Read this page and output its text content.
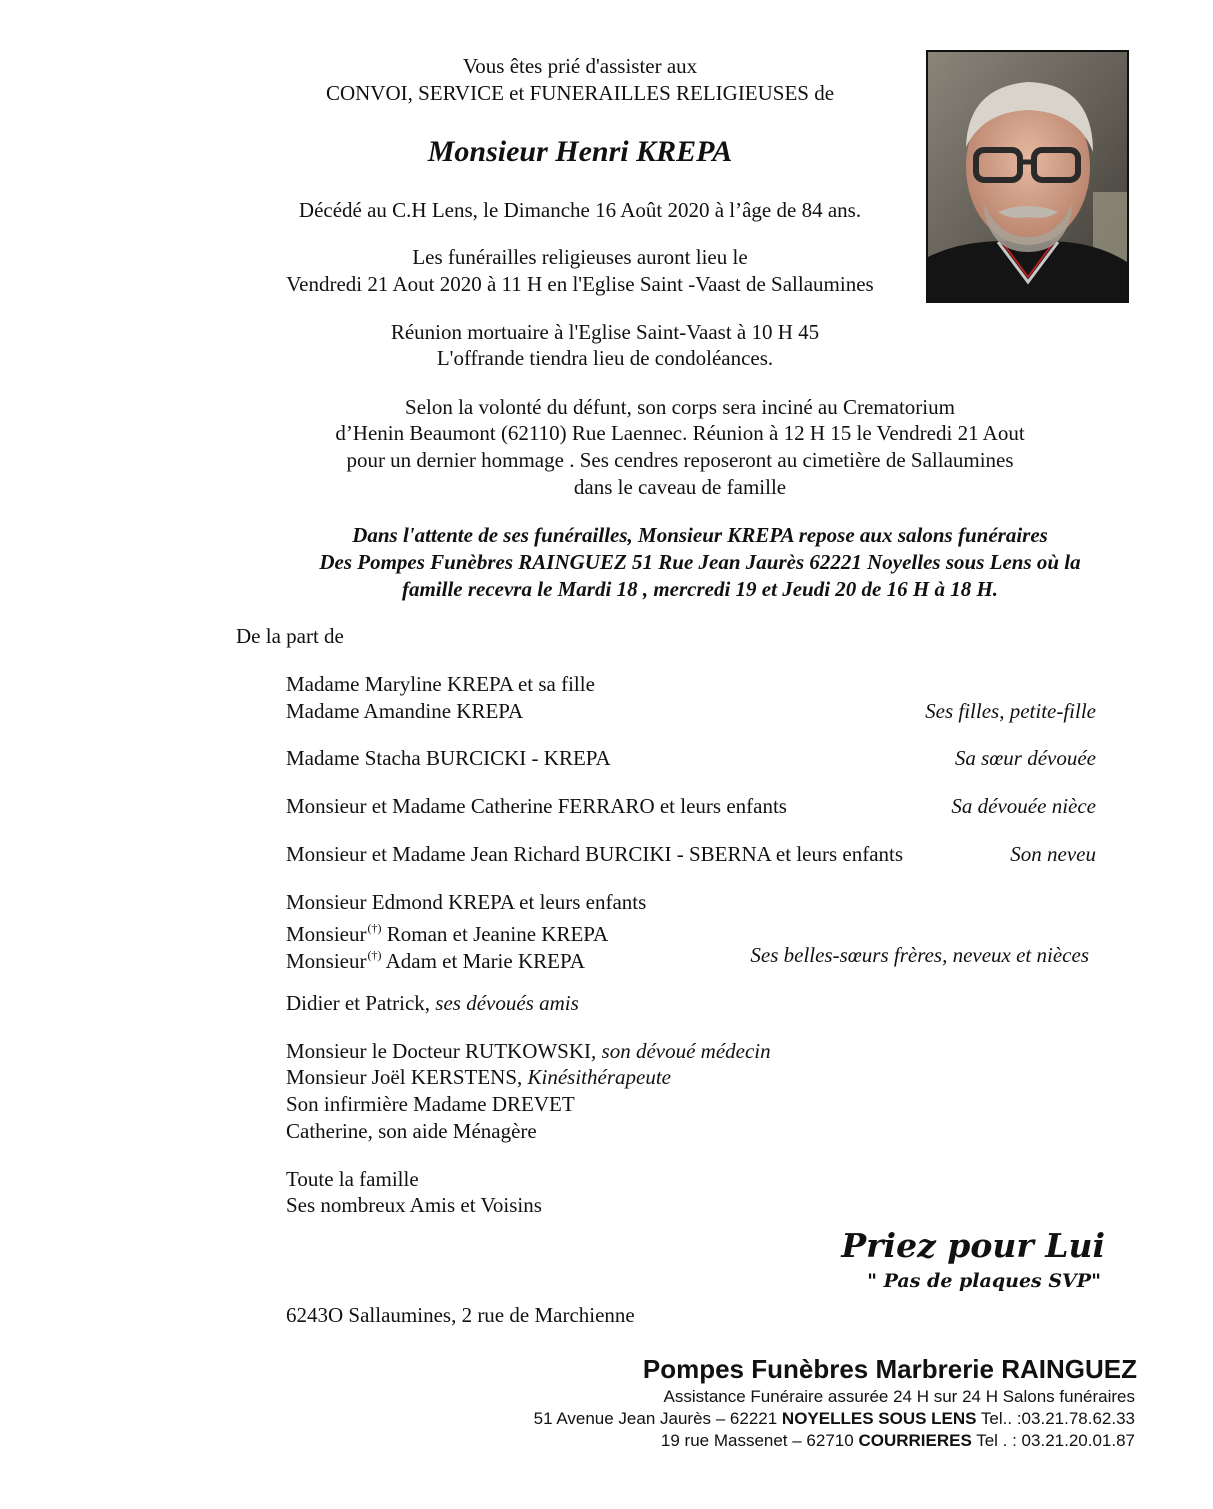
Vous êtes prié d'assister aux
CONVOI, SERVICE et FUNERAILLES RELIGIEUSES de
Monsieur Henri KREPA
Décédé au C.H Lens, le Dimanche 16 Août 2020 à l’âge de 84 ans.
Les funérailles religieuses auront lieu le
Vendredi 21 Aout 2020 à 11 H en l'Eglise Saint -Vaast de Sallaumines
Réunion mortuaire à l'Eglise Saint-Vaast à 10 H 45
L'offrande tiendra lieu de condoléances.
Selon la volonté du défunt, son corps sera inciné au Crematorium
d’Henin Beaumont (62110) Rue Laennec. Réunion à 12 H 15 le Vendredi 21 Aout
pour un dernier hommage . Ses cendres reposeront au cimetière de Sallaumines
dans le caveau de famille
Dans l'attente de ses funérailles, Monsieur KREPA repose aux salons funéraires
Des Pompes Funèbres RAINGUEZ 51 Rue Jean Jaurès 62221 Noyelles sous Lens où la
famille recevra le Mardi 18 , mercredi 19 et Jeudi 20 de 16 H à 18 H.
De la part de
Madame Maryline KREPA et sa fille
Madame Amandine KREPA	Ses filles, petite-fille
Madame Stacha BURCICKI - KREPA	Sa sœur dévouée
Monsieur et Madame Catherine FERRARO et leurs enfants	Sa dévouée nièce
Monsieur et Madame Jean Richard BURCIKI - SBERNA et leurs enfants	Son neveu
Monsieur Edmond KREPA et leurs enfants
Monsieur(†) Roman et Jeanine KREPA
Monsieur(†) Adam et Marie KREPA	Ses belles-sœurs frères, neveux et nièces
Didier et Patrick, ses dévoués amis
Monsieur le Docteur RUTKOWSKI, son dévoué médecin
Monsieur Joël KERSTENS, Kinésithérapeute
Son infirmière Madame DREVET
Catherine, son aide Ménagère
Toute la famille
Ses nombreux Amis et Voisins
Priez pour Lui
" Pas de plaques SVP"
6243O Sallaumines, 2 rue de Marchienne
Pompes Funèbres Marbrerie RAINGUEZ
Assistance Funéraire assurée 24 H sur 24 H Salons funéraires
51 Avenue Jean Jaurès – 62221 NOYELLES SOUS LENS Tel.. :03.21.78.62.33
19 rue Massenet – 62710 COURRIERES Tel . : 03.21.20.01.87
